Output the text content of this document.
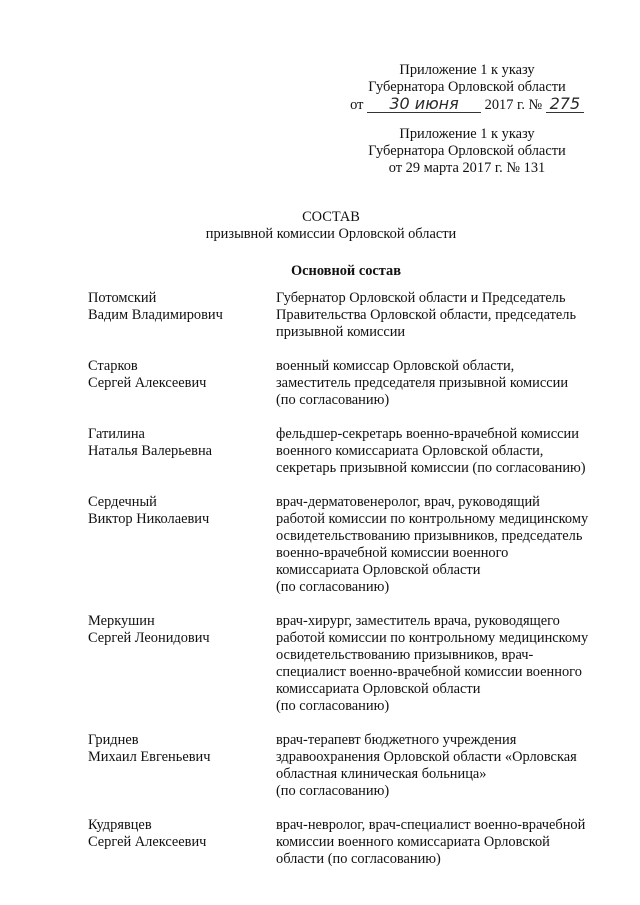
Приложение 1 к указу
Губернатора Орловской области
от 30 июня 2017 г. № 275
Приложение 1 к указу
Губернатора Орловской области
от 29 марта 2017 г. № 131
СОСТАВ
призывной комиссии Орловской области
Основной состав
Потомский
Вадим Владимирович
Губернатор Орловской области и Председатель
Правительства Орловской области, председатель
призывной комиссии
Старков
Сергей Алексеевич
военный комиссар Орловской области,
заместитель председателя призывной комиссии
(по согласованию)
Гатилина
Наталья Валерьевна
фельдшер-секретарь военно-врачебной комиссии
военного комиссариата Орловской области,
секретарь призывной комиссии (по согласованию)
Сердечный
Виктор Николаевич
врач-дерматовенеролог, врач, руководящий
работой комиссии по контрольному медицинскому
освидетельствованию призывников, председатель
военно-врачебной комиссии военного
комиссариата Орловской области
(по согласованию)
Меркушин
Сергей Леонидович
врач-хирург, заместитель врача, руководящего
работой комиссии по контрольному медицинскому
освидетельствованию призывников, врач-
специалист военно-врачебной комиссии военного
комиссариата Орловской области
(по согласованию)
Гриднев
Михаил Евгеньевич
врач-терапевт бюджетного учреждения
здравоохранения Орловской области «Орловская
областная клиническая больница»
(по согласованию)
Кудрявцев
Сергей Алексеевич
врач-невролог, врач-специалист военно-врачебной
комиссии военного комиссариата Орловской
области (по согласованию)
